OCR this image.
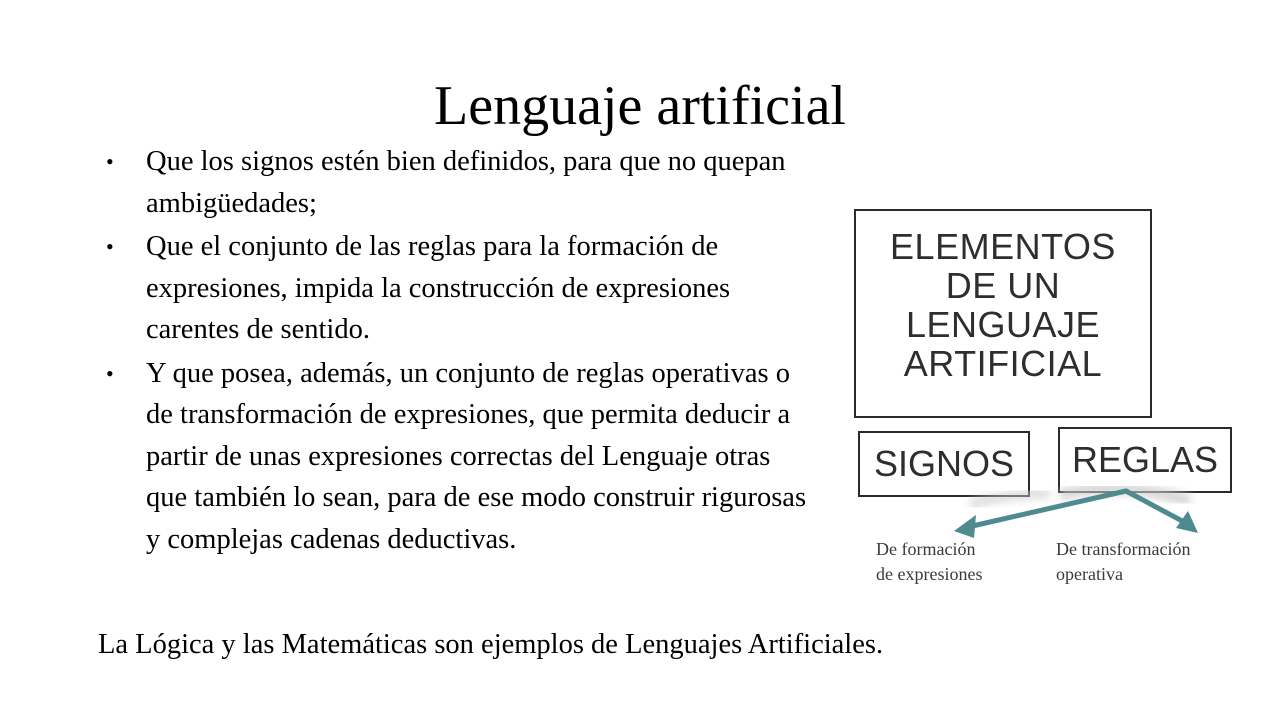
Lenguaje artificial
• Que los signos estén bien definidos, para que no quepan ambigüedades;
• Que el conjunto de las reglas para la formación de expresiones, impida la construcción de expresiones carentes de sentido.
• Y que posea, además, un conjunto de reglas operativas o de transformación de expresiones, que permita deducir a partir de unas expresiones correctas del Lenguaje otras que también lo sean, para de ese modo construir rigurosas y complejas cadenas deductivas.
ELEMENTOS
DE UN
LENGUAJE
ARTIFICIAL
SIGNOS	REGLAS
De formación
de expresiones
De transformación
operativa

La Lógica y las Matemáticas son ejemplos de Lenguajes Artificiales.
